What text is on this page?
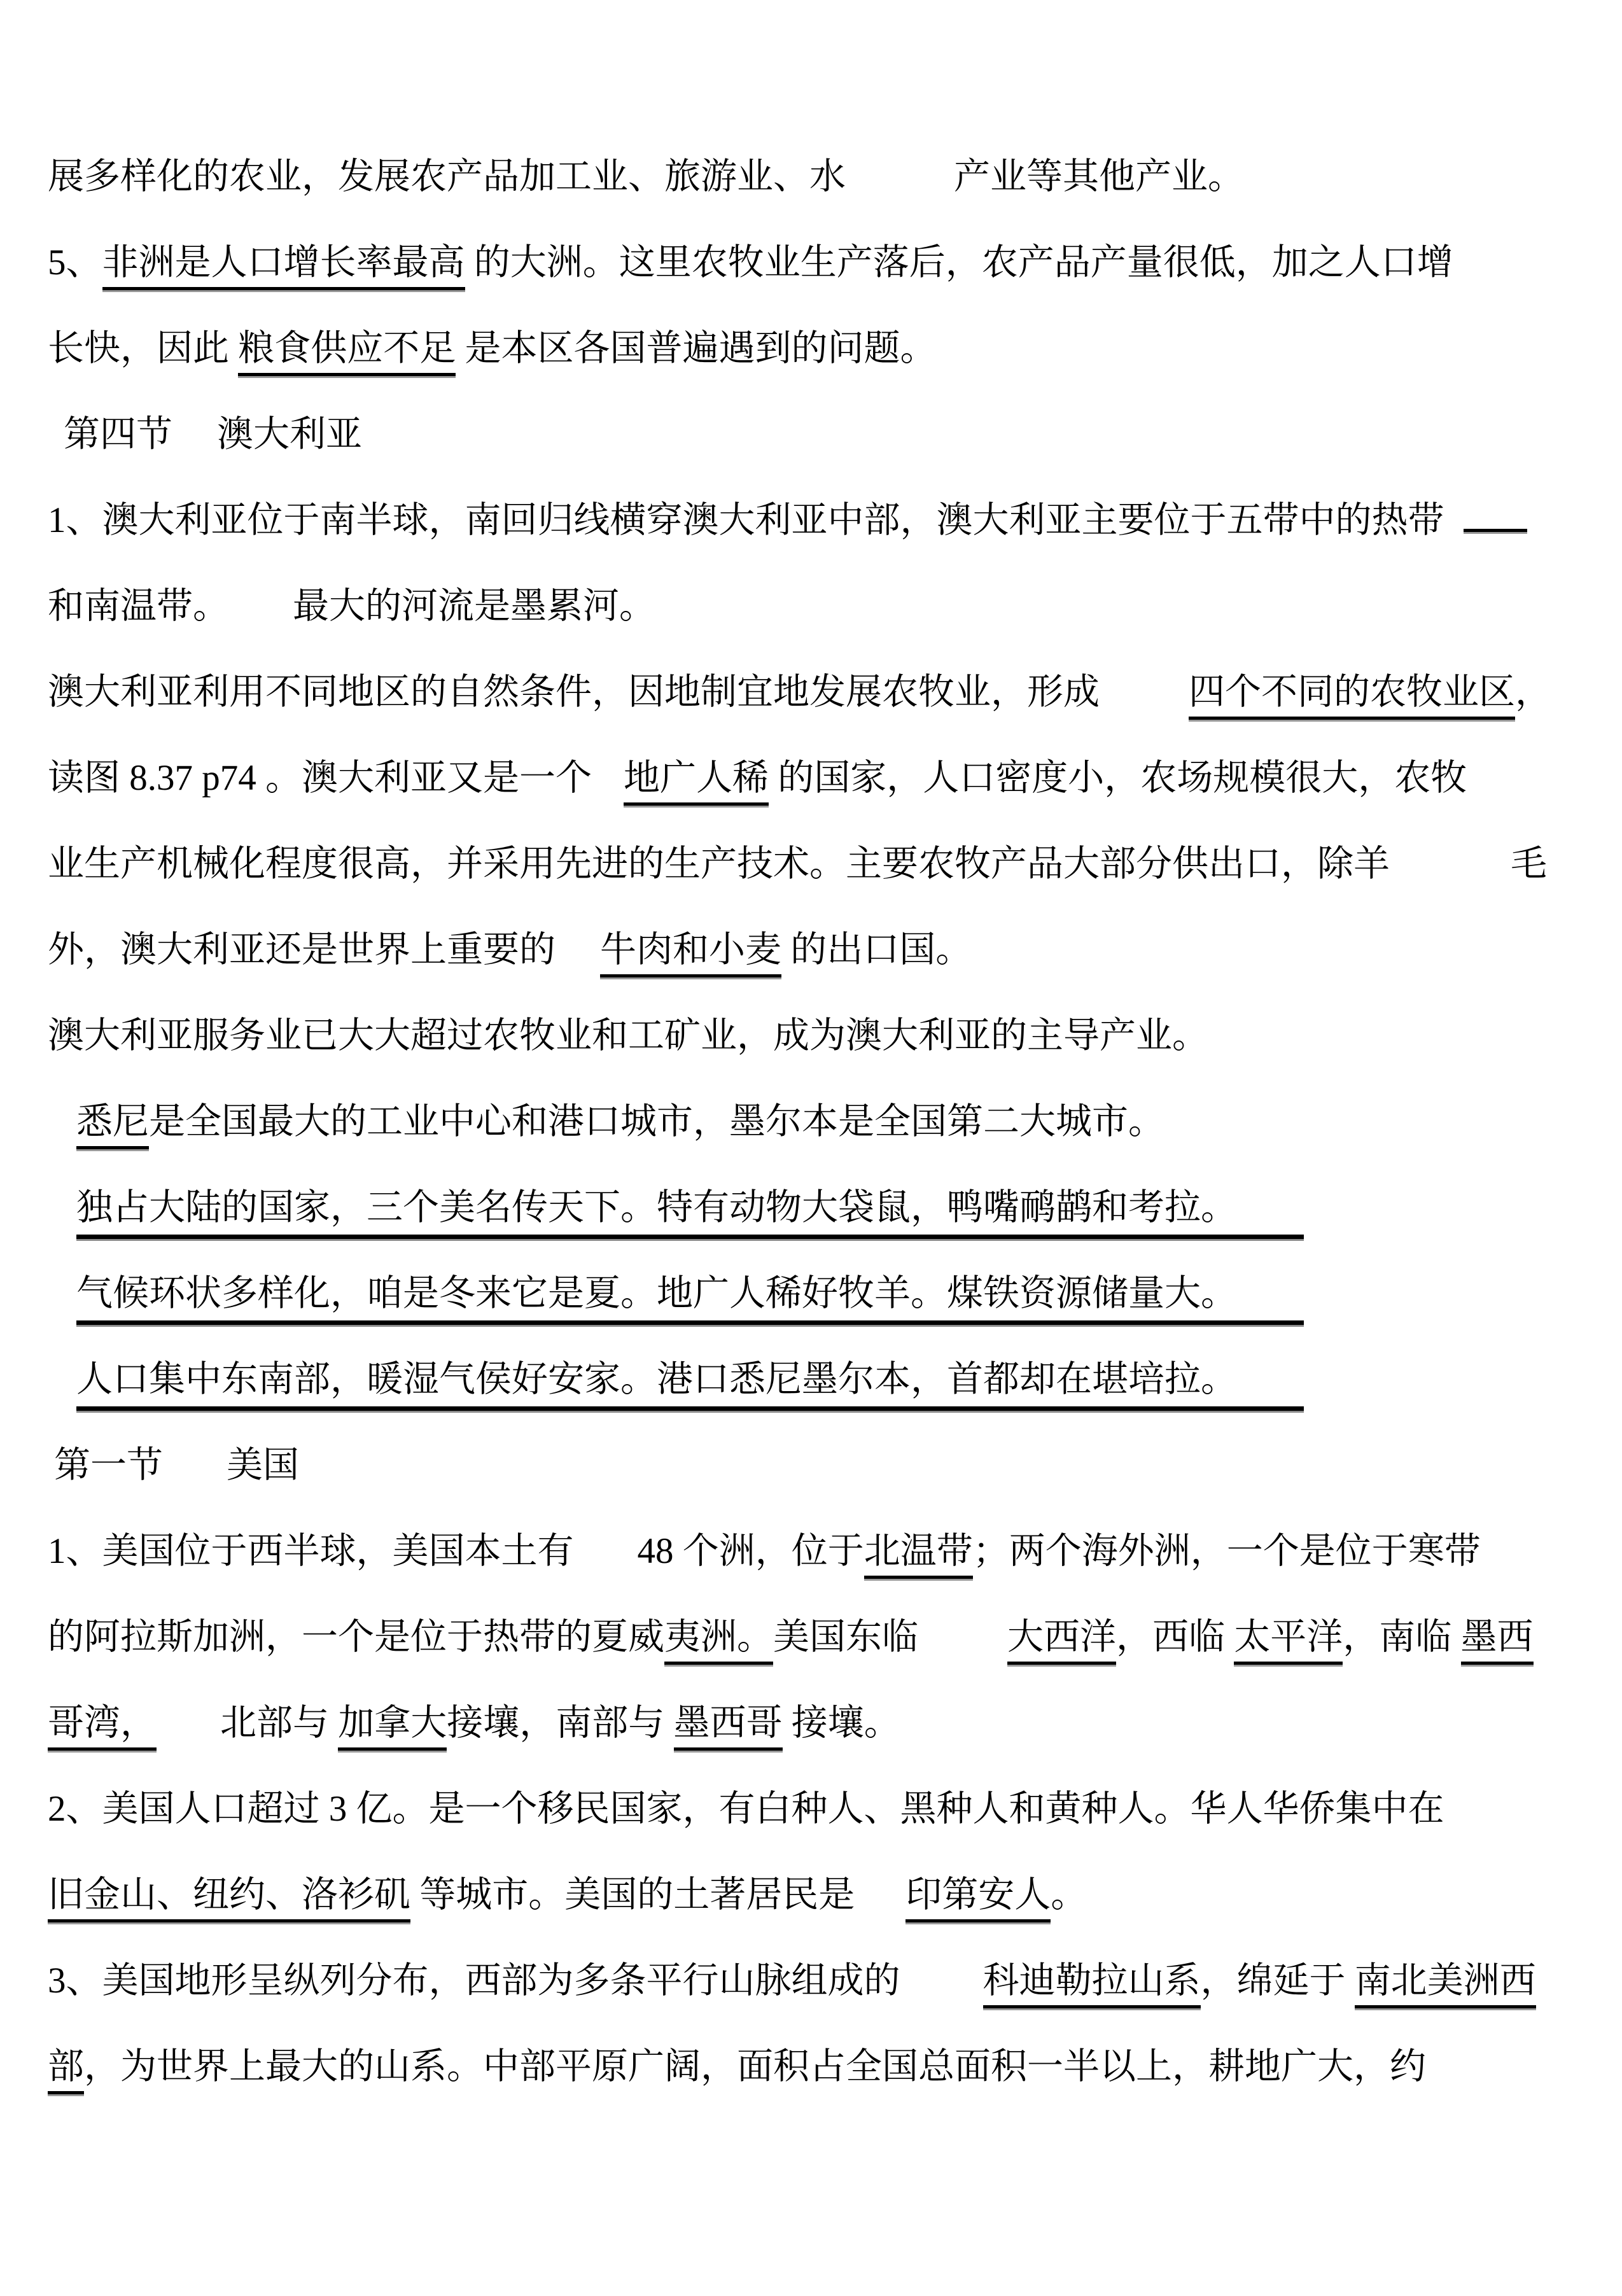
展多样化的农业，发展农产品加工业、旅游业、水	产业等其他产业。
5、非洲是人口增长率最高 的大洲。这里农牧业生产落后，农产品产量很低，加之人口增
长快，因此 粮食供应不足 是本区各国普遍遇到的问题。
第四节 澳大利亚
1、澳大利亚位于南半球，南回归线横穿澳大利亚中部，澳大利亚主要位于五带中的热带
和南温带。 最大的河流是墨累河。
澳大利亚利用不同地区的自然条件，因地制宜地发展农牧业，形成 四个不同的农牧业区，
读图 8.37 p74 。澳大利亚又是一个 地广人稀 的国家，人口密度小，农场规模很大，农牧
业生产机械化程度很高，并采用先进的生产技术。主要农牧产品大部分供出口，除羊	毛
外，澳大利亚还是世界上重要的 牛肉和小麦 的出口国。
澳大利亚服务业已大大超过农牧业和工矿业，成为澳大利亚的主导产业。
悉尼是全国最大的工业中心和港口城市，墨尔本是全国第二大城市。
独占大陆的国家，三个美名传天下。特有动物大袋鼠，鸭嘴鸸鹋和考拉。
气候环状多样化，咱是冬来它是夏。地广人稀好牧羊。煤铁资源储量大。
人口集中东南部，暖湿气侯好安家。港口悉尼墨尔本，首都却在堪培拉。
第一节 美国
1、美国位于西半球，美国本土有 48 个洲，位于北温带；两个海外洲，一个是位于寒带
的阿拉斯加洲，一个是位于热带的夏威夷洲。美国东临 大西洋，西临 太平洋，南临 墨西
哥湾， 北部与 加拿大接壤，南部与 墨西哥 接壤。
2、美国人口超过 3 亿。是一个移民国家，有白种人、黑种人和黄种人。华人华侨集中在
旧金山、纽约、洛衫矶 等城市。美国的土著居民是 印第安人。
3、美国地形呈纵列分布，西部为多条平行山脉组成的 科迪勒拉山系，绵延于 南北美洲西
部，为世界上最大的山系。中部平原广阔，面积占全国总面积一半以上，耕地广大，约
